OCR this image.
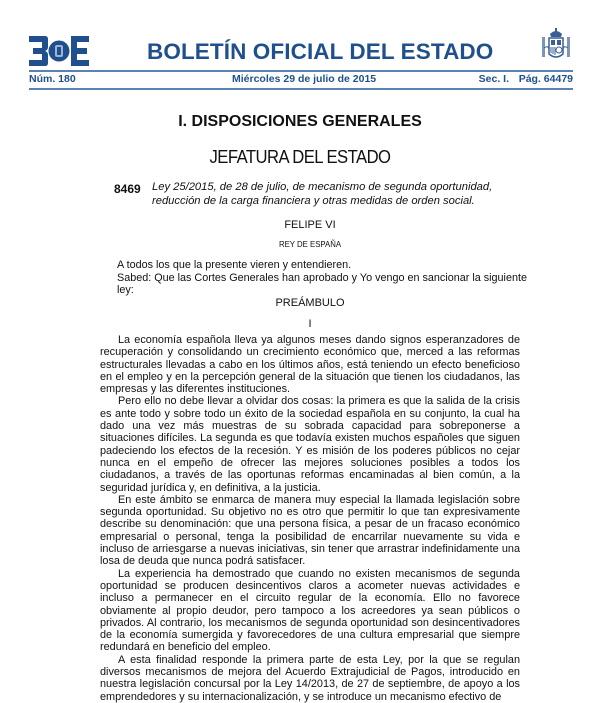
BOLETÍN OFICIAL DEL ESTADO
Núm. 180	Miércoles 29 de julio de 2015	Sec. I. Pág. 64479
I. DISPOSICIONES GENERALES
JEFATURA DEL ESTADO
8469 Ley 25/2015, de 28 de julio, de mecanismo de segunda oportunidad, reducción de la carga financiera y otras medidas de orden social.
FELIPE VI
REY DE ESPAÑA
A todos los que la presente vieren y entendieren.
Sabed: Que las Cortes Generales han aprobado y Yo vengo en sancionar la siguiente ley:
PREÁMBULO
I

La economía española lleva ya algunos meses dando signos esperanzadores de recuperación y consolidando un crecimiento económico que, merced a las reformas estructurales llevadas a cabo en los últimos años, está teniendo un efecto beneficioso en el empleo y en la percepción general de la situación que tienen los ciudadanos, las empresas y las diferentes instituciones.

Pero ello no debe llevar a olvidar dos cosas: la primera es que la salida de la crisis es ante todo y sobre todo un éxito de la sociedad española en su conjunto, la cual ha dado una vez más muestras de su sobrada capacidad para sobreponerse a situaciones difíciles. La segunda es que todavía existen muchos españoles que siguen padeciendo los efectos de la recesión. Y es misión de los poderes públicos no cejar nunca en el empeño de ofrecer las mejores soluciones posibles a todos los ciudadanos, a través de las oportunas reformas encaminadas al bien común, a la seguridad jurídica y, en definitiva, a la justicia.

En este ámbito se enmarca de manera muy especial la llamada legislación sobre segunda oportunidad. Su objetivo no es otro que permitir lo que tan expresivamente describe su denominación: que una persona física, a pesar de un fracaso económico empresarial o personal, tenga la posibilidad de encarrilar nuevamente su vida e incluso de arriesgarse a nuevas iniciativas, sin tener que arrastrar indefinidamente una losa de deuda que nunca podrá satisfacer.

La experiencia ha demostrado que cuando no existen mecanismos de segunda oportunidad se producen desincentivos claros a acometer nuevas actividades e incluso a permanecer en el circuito regular de la economía. Ello no favorece obviamente al propio deudor, pero tampoco a los acreedores ya sean públicos o privados. Al contrario, los mecanismos de segunda oportunidad son desincentivadores de la economía sumergida y favorecedores de una cultura empresarial que siempre redundará en beneficio del empleo.

A esta finalidad responde la primera parte de esta Ley, por la que se regulan diversos mecanismos de mejora del Acuerdo Extrajudicial de Pagos, introducido en nuestra legislación concursal por la Ley 14/2013, de 27 de septiembre, de apoyo a los emprendedores y su internacionalización, y se introduce un mecanismo efectivo de
